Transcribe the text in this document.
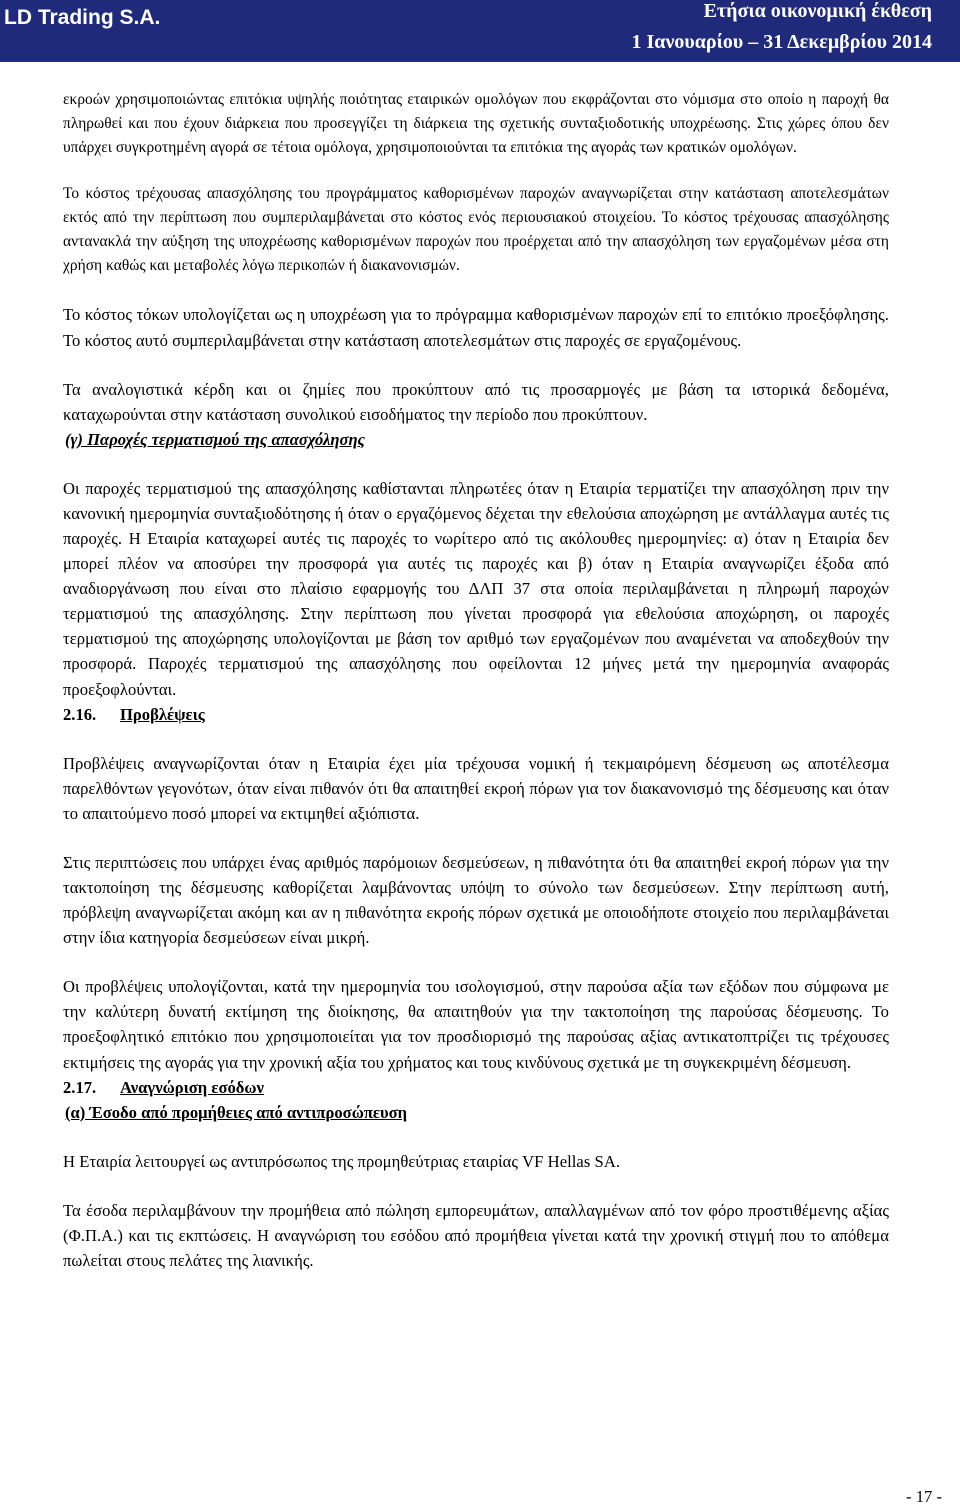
LD Trading S.A.	Ετήσια οικονομική έκθεση
1 Ιανουαρίου – 31 Δεκεμβρίου 2014

εκροών χρησιμοποιώντας επιτόκια υψηλής ποιότητας εταιρικών ομολόγων που εκφράζονται στο νόμισμα στο οποίο η παροχή θα πληρωθεί και που έχουν διάρκεια που προσεγγίζει τη διάρκεια της σχετικής συνταξιοδοτικής υποχρέωσης. Στις χώρες όπου δεν υπάρχει συγκροτημένη αγορά σε τέτοια ομόλογα, χρησιμοποιούνται τα επιτόκια της αγοράς των κρατικών ομολόγων.

Το κόστος τρέχουσας απασχόλησης του προγράμματος καθορισμένων παροχών αναγνωρίζεται στην κατάσταση αποτελεσμάτων εκτός από την περίπτωση που συμπεριλαμβάνεται στο κόστος ενός περιουσιακού στοιχείου. Το κόστος τρέχουσας απασχόλησης αντανακλά την αύξηση της υποχρέωσης καθορισμένων παροχών που προέρχεται από την απασχόληση των εργαζομένων μέσα στη χρήση καθώς και μεταβολές λόγω περικοπών ή διακανονισμών.

Το κόστος τόκων υπολογίζεται ως η υποχρέωση για το πρόγραμμα καθορισμένων παροχών επί το επιτόκιο προεξόφλησης. Το κόστος αυτό συμπεριλαμβάνεται στην κατάσταση αποτελεσμάτων στις παροχές σε εργαζομένους.

Τα αναλογιστικά κέρδη και οι ζημίες που προκύπτουν από τις προσαρμογές με βάση τα ιστορικά δεδομένα, καταχωρούνται στην κατάσταση συνολικού εισοδήματος την περίοδο που προκύπτουν.

(γ) Παροχές τερματισμού της απασχόλησης

Οι παροχές τερματισμού της απασχόλησης καθίστανται πληρωτέες όταν η Εταιρία τερματίζει την απασχόληση πριν την κανονική ημερομηνία συνταξιοδότησης ή όταν ο εργαζόμενος δέχεται την εθελούσια αποχώρηση με αντάλλαγμα αυτές τις παροχές. Η Εταιρία καταχωρεί αυτές τις παροχές το νωρίτερο από τις ακόλουθες ημερομηνίες: α) όταν η Εταιρία δεν μπορεί πλέον να αποσύρει την προσφορά για αυτές τις παροχές και β) όταν η Εταιρία αναγνωρίζει έξοδα από αναδιοργάνωση που είναι στο πλαίσιο εφαρμογής του ΔΛΠ 37 στα οποία περιλαμβάνεται η πληρωμή παροχών τερματισμού της απασχόλησης. Στην περίπτωση που γίνεται προσφορά για εθελούσια αποχώρηση, οι παροχές τερματισμού της αποχώρησης υπολογίζονται με βάση τον αριθμό των εργαζομένων που αναμένεται να αποδεχθούν την προσφορά. Παροχές τερματισμού της απασχόλησης που οφείλονται 12 μήνες μετά την ημερομηνία αναφοράς προεξοφλούνται.

2.16. Προβλέψεις

Προβλέψεις αναγνωρίζονται όταν η Εταιρία έχει μία τρέχουσα νομική ή τεκμαιρόμενη δέσμευση ως αποτέλεσμα παρελθόντων γεγονότων, όταν είναι πιθανόν ότι θα απαιτηθεί εκροή πόρων για τον διακανονισμό της δέσμευσης και όταν το απαιτούμενο ποσό μπορεί να εκτιμηθεί αξιόπιστα.

Στις περιπτώσεις που υπάρχει ένας αριθμός παρόμοιων δεσμεύσεων, η πιθανότητα ότι θα απαιτηθεί εκροή πόρων για την τακτοποίηση της δέσμευσης καθορίζεται λαμβάνοντας υπόψη το σύνολο των δεσμεύσεων. Στην περίπτωση αυτή, πρόβλεψη αναγνωρίζεται ακόμη και αν η πιθανότητα εκροής πόρων σχετικά με οποιοδήποτε στοιχείο που περιλαμβάνεται στην ίδια κατηγορία δεσμεύσεων είναι μικρή.

Οι προβλέψεις υπολογίζονται, κατά την ημερομηνία του ισολογισμού, στην παρούσα αξία των εξόδων που σύμφωνα με την καλύτερη δυνατή εκτίμηση της διοίκησης, θα απαιτηθούν για την τακτοποίηση της παρούσας δέσμευσης. Το προεξοφλητικό επιτόκιο που χρησιμοποιείται για τον προσδιορισμό της παρούσας αξίας αντικατοπτρίζει τις τρέχουσες εκτιμήσεις της αγοράς για την χρονική αξία του χρήματος και τους κινδύνους σχετικά με τη συγκεκριμένη δέσμευση.

2.17. Αναγνώριση εσόδων
(α) Έσοδο από προμήθειες από αντιπροσώπευση

Η Εταιρία λειτουργεί ως αντιπρόσωπος της προμηθεύτριας εταιρίας VF Hellas SA.

Τα έσοδα περιλαμβάνουν την προμήθεια από πώληση εμπορευμάτων, απαλλαγμένων από τον φόρο προστιθέμενης αξίας (Φ.Π.Α.) και τις εκπτώσεις. Η αναγνώριση του εσόδου από προμήθεια γίνεται κατά την χρονική στιγμή που το απόθεμα πωλείται στους πελάτες της λιανικής.

- 17 -
